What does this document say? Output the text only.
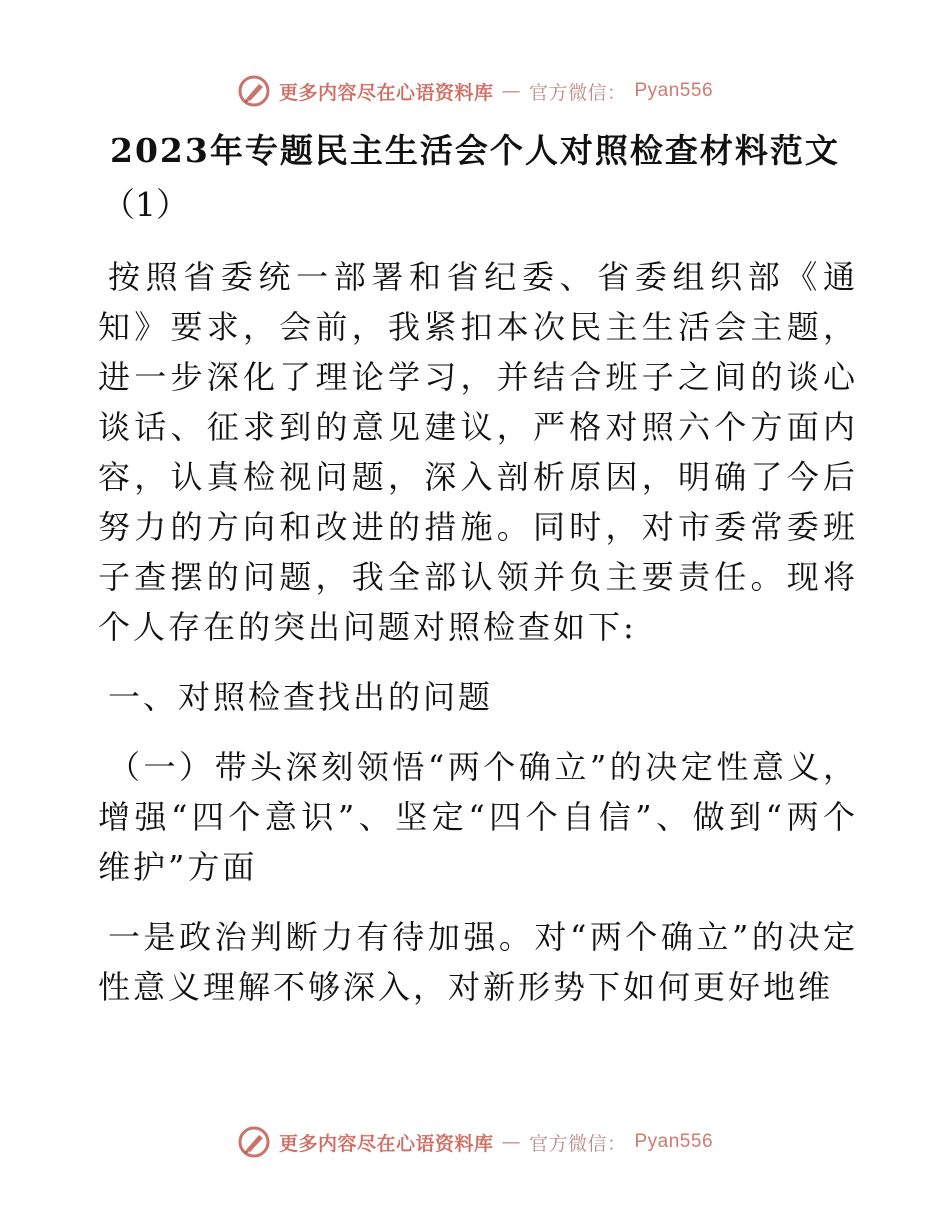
更多内容尽在心语资料库 — 官方微信： Pyan556
2023年专题民主生活会个人对照检查材料范文
（1）

按照省委统一部署和省纪委、省委组织部《通知》要求，会前，我紧扣本次民主生活会主题，进一步深化了理论学习，并结合班子之间的谈心谈话、征求到的意见建议，严格对照六个方面内容，认真检视问题，深入剖析原因，明确了今后努力的方向和改进的措施。同时，对市委常委班子查摆的问题，我全部认领并负主要责任。现将个人存在的突出问题对照检查如下:

一、对照检查找出的问题

（一）带头深刻领悟“两个确立”的决定性意义，增强“四个意识”、坚定“四个自信”、做到“两个维护”方面

一是政治判断力有待加强。对“两个确立”的决定性意义理解不够深入，对新形势下如何更好地维

更多内容尽在心语资料库 — 官方微信： Pyan556
